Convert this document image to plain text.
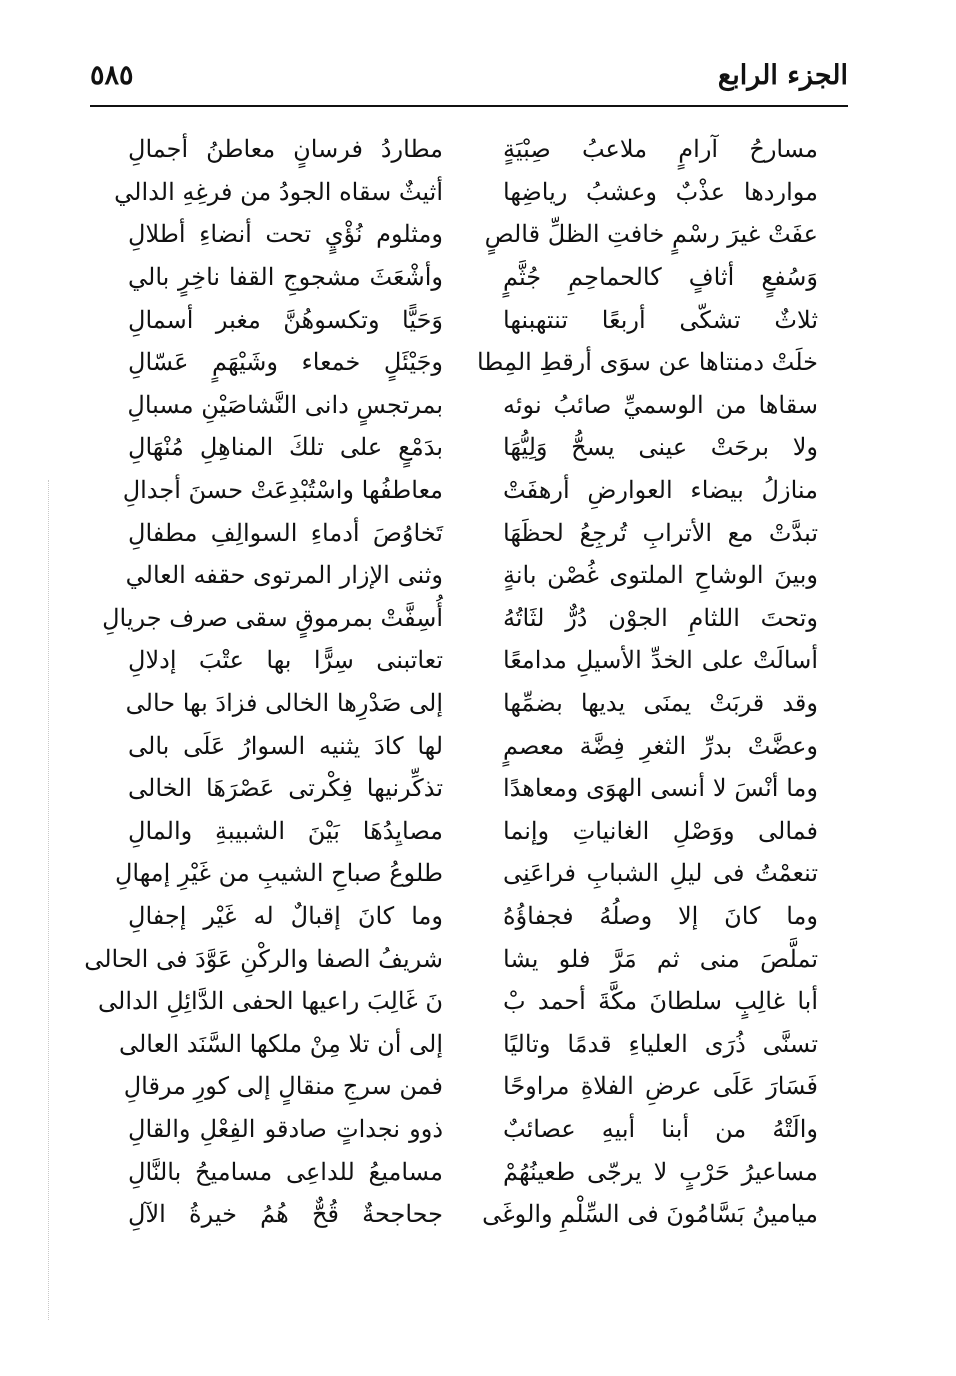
الجزء الرابع
٥٨٥
مسارحُ آرامٍ ملاعبُ صِبْيَةٍ
مطاردُ فرسانٍ معاطنُ أجمالِ
مواردها عذْبٌ وعشبُ رياضِها
أثيثٌ سقاه الجودُ من فرغِهِ الدالي
عفَتْ غيرَ رسْمٍ خافتِ الظلِّ قالصٍ
ومثلوم نُؤْيٍ تحت أنضاءِ أطلالِ
وَسُفعٍ أثافٍ كالحماحِمِ جُثَّمٍ
وأشْعَثَ مشجوجِ القفا ناخِرٍ بالي
ثلاثٌ تشكّى أربعًا تنتهبنها
وَحَيًّا وتكسوهُنَّ مغبر أسمالِ
خلَتْ دمنتاها عن سوَى أرقطِ المِطا
وجَيْئَلٍ خمعاء وشَيْهَمٍ عَسّالِ
سقاها من الوسميِّ صائبُ نوئه
بمرتجسٍ دانى النَّشاصَيْنِ مسبالِ
ولا برحَتْ عينى يسحُّ وَلِيُّهَا
بدَمْعٍ على تلكَ المناهِلِ مُنْهَالِ
منازلُ بيضاء العوارضِ أرهفَتْ
معاطفُها واسْتُبْدِعَتْ حسنَ أجدالِ
تبدَّتْ مع الأترابِ تُرجِعُ لحظَهَا
تَخاوُصَ أدماءِ السوالِفِ مطفالِ
وبينَ الوشاحِ الملتوى غُصْن بانةٍ
وثنى الإزار المرتوى حقفه العالي
وتحتَ اللثامِ الجوْن دُرٌّ لثَاتُهُ
أُسِفَّتْ بمرموقٍ سقى صرف جريالِ
أسالَتْ على الخدِّ الأسيلِ مدامعًا
تعاتبنى سِرًّا بها عتْبَ إدلالِ
وقد قربَتْ يمنَى يديها بضمِّها
إلى صَدْرِها الخالى فزادَ بها حالى
وعضَّتْ بدرِّ الثغرِ فِضَّة معصمٍ
لها كادَ يثنيه السوارُ عَلَى بالى
وما أنْسَ لا أنسى الهوَى ومعاهدًا
تذكِّرنيها فِكْرتى عَصْرَهَا الخالى
فمالى ووَصْلِ الغانياتِ وإنما
مصايِدُهَا بَيْنَ الشبيبةِ والمالِ
تنعمْتُ فى ليلِ الشبابِ فراعَنِى
طلوعُ صباحِ الشيبِ من غَيْرِ إمهالِ
وما كانَ إلا وصلُهُ فجفاؤُهُ
وما كانَ إقبالٌ له غَيْر إجفالِ
تملَّصَ منى ثم مَرَّ فلو يشا
شريفُ الصفا والركْنِ عَوَّدَ فى الحالى
أبا غالِبٍ سلطانَ مكَّةَ أحمد بْ
نَ غَالِبَ راعيها الحفى الدَّائِلِ الدالى
تسنَّى ذُرَى العلياءِ قدمًا وتاليًا
إلى أن تلا مِنْ ملكها السَّنَد العالى
فَسَارَ عَلَى عرضِ الفلاةِ مراوحًا
فمن سرجِ منقالٍ إلى كورِ مرقالِ
والَتْهُ من أبنا أبيهِ عصائبٌ
ذوو نجداتٍ صادقو الفِعْلِ والقالِ
مساعيرُ حَرْبٍ لا يرجّى طعينُهُمْ
مساميعُ للداعِى مساميحُ بالنَّالِ
ميامينُ بَسَّامُونَ فى السِّلْمِ والوغَى
جحاجحةٌ قُحٌّ هُمُ خيرةُ الآلِ
